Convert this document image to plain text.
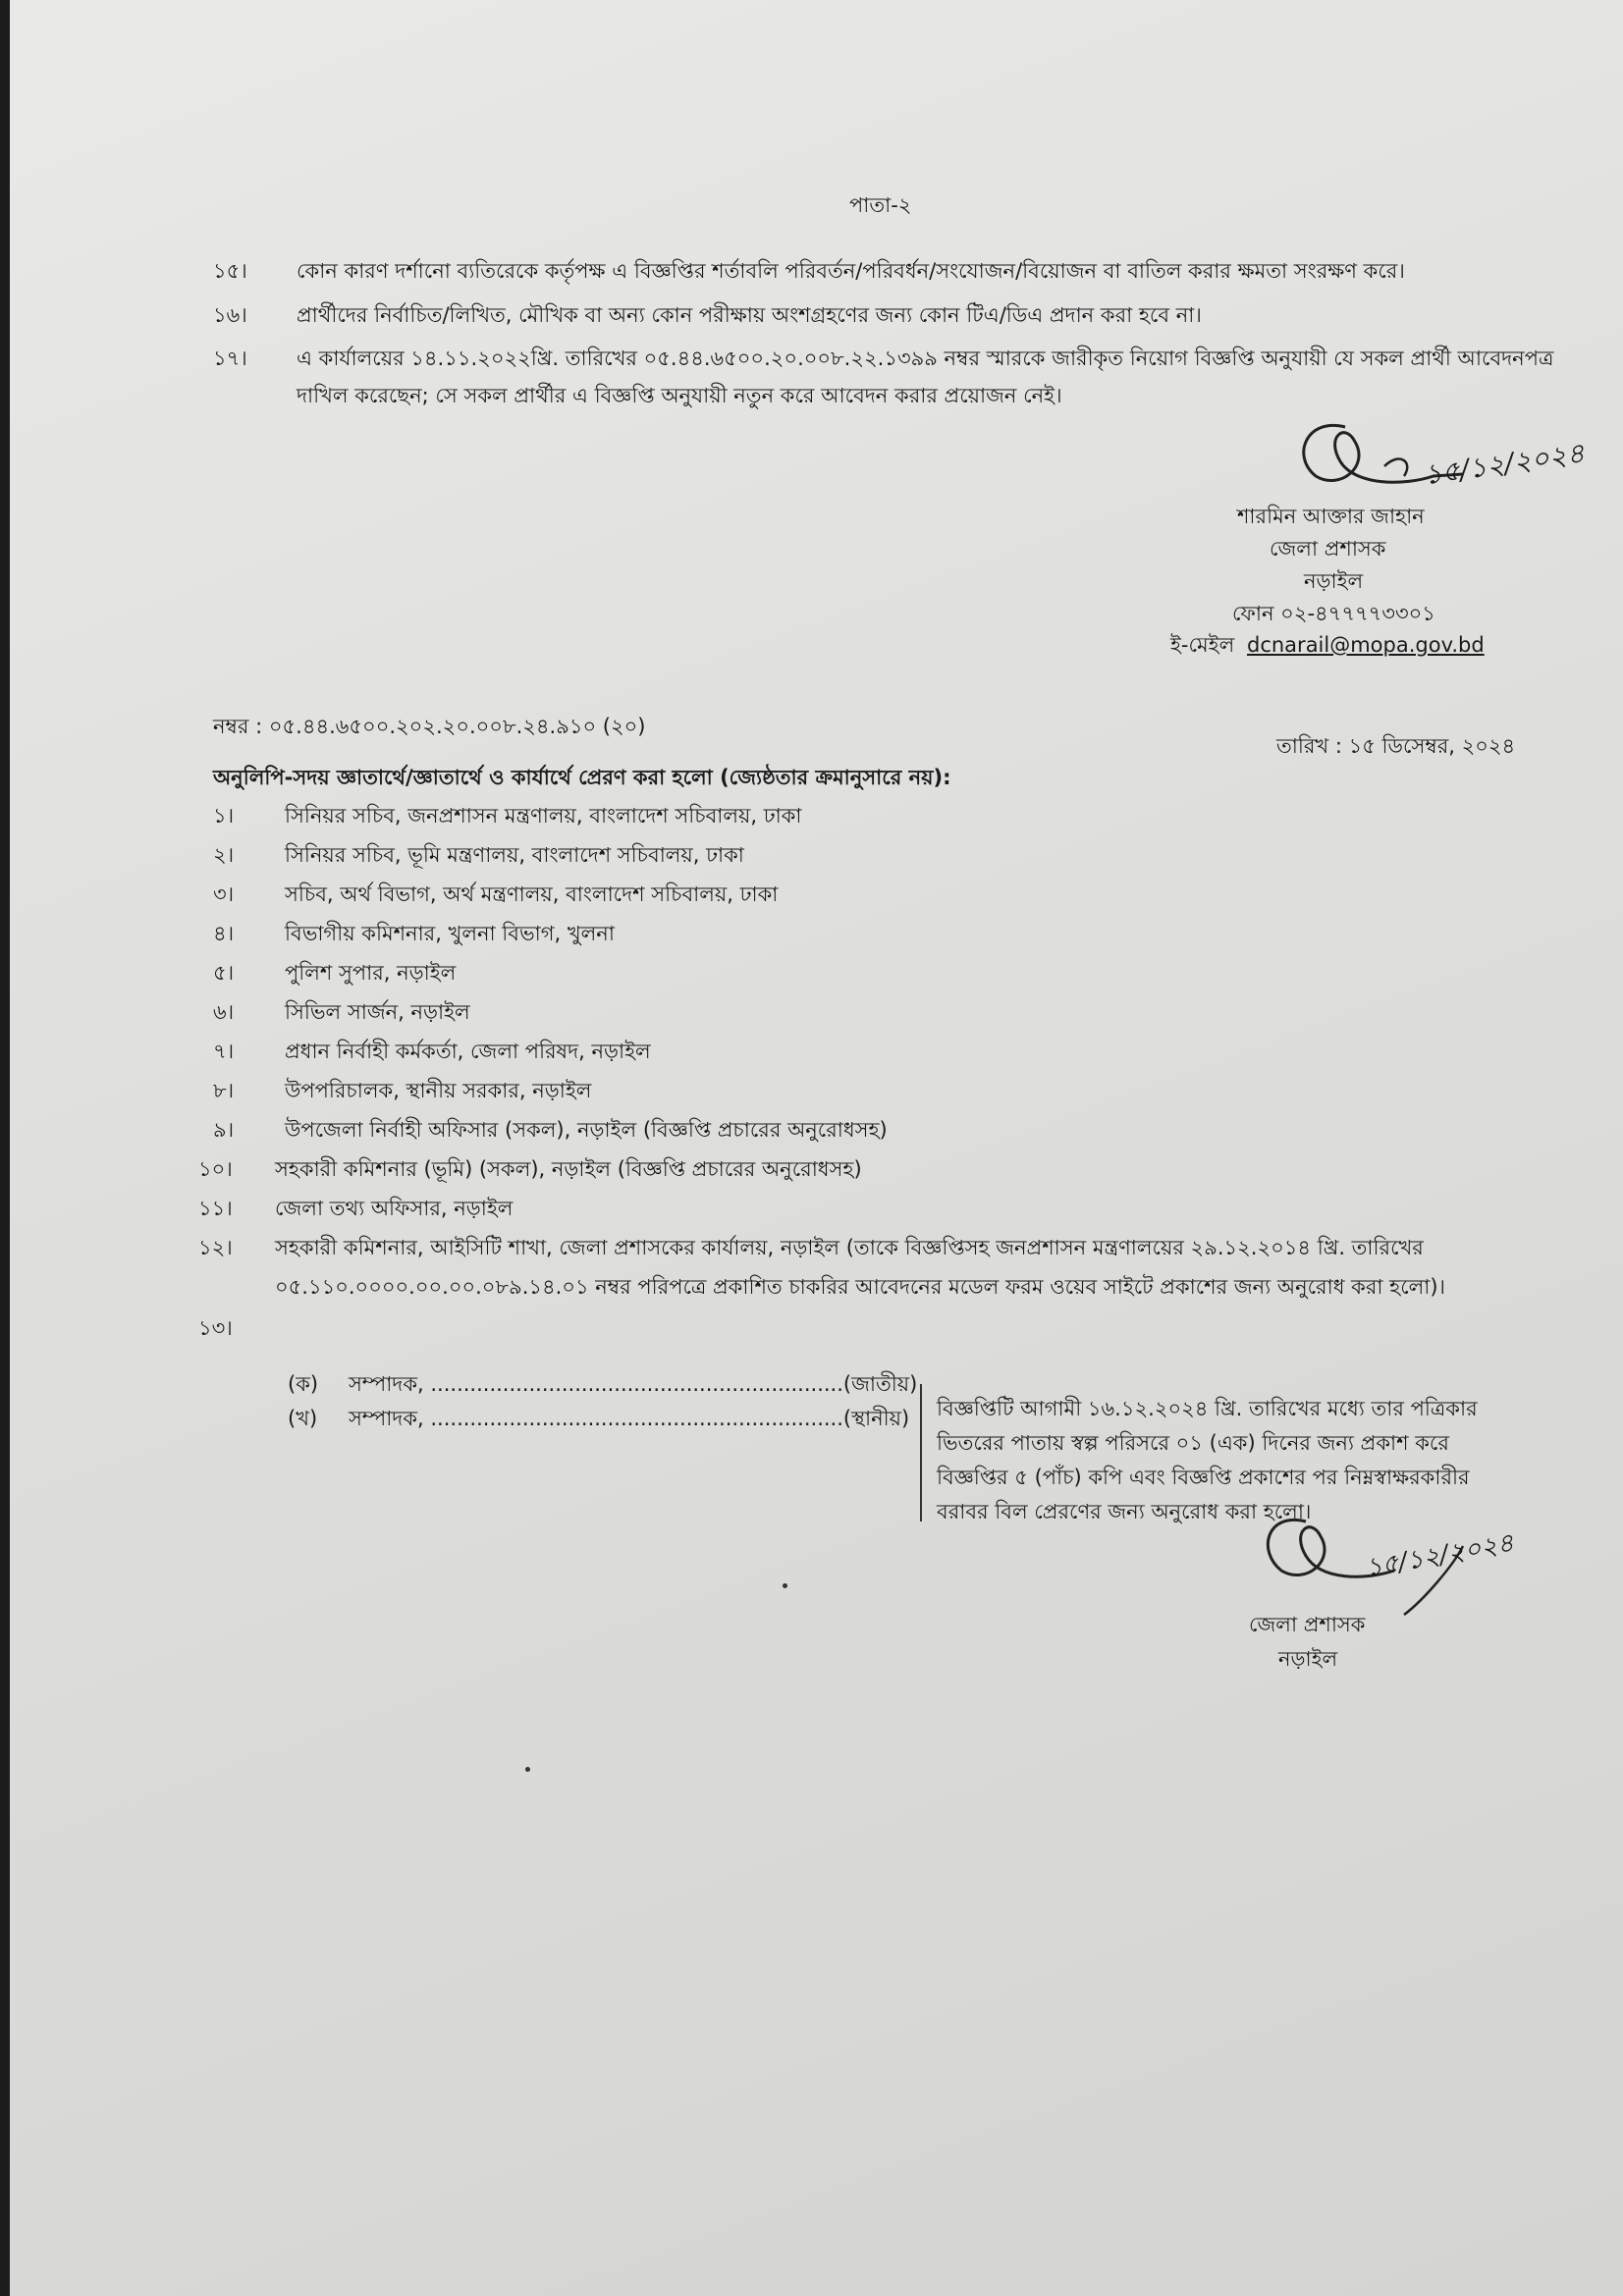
পাতা-২
১৫। কোন কারণ দর্শানো ব্যতিরেকে কর্তৃপক্ষ এ বিজ্ঞপ্তির শর্তাবলি পরিবর্তন/পরিবর্ধন/সংযোজন/বিয়োজন বা বাতিল করার ক্ষমতা সংরক্ষণ করে।
১৬। প্রার্থীদের নির্বাচিত/লিখিত, মৌখিক বা অন্য কোন পরীক্ষায় অংশগ্রহণের জন্য কোন টিএ/ডিএ প্রদান করা হবে না।
১৭। এ কার্যালয়ের ১৪.১১.২০২২খ্রি. তারিখের ০৫.৪৪.৬৫০০.২০.০০৮.২২.১৩৯৯ নম্বর স্মারকে জারীকৃত নিয়োগ বিজ্ঞপ্তি অনুযায়ী যে সকল প্রার্থী আবেদনপত্র
দাখিল করেছেন; সে সকল প্রার্থীর এ বিজ্ঞপ্তি অনুযায়ী নতুন করে আবেদন করার প্রয়োজন নেই।
১৫/১২/২০২৪
শারমিন আক্তার জাহান
জেলা প্রশাসক
নড়াইল
ফোন ০২-৪৭৭৭৭৩৩০১
ই-মেইল dcnarail@mopa.gov.bd
নম্বর : ০৫.৪৪.৬৫০০.২০২.২০.০০৮.২৪.৯১০ (২০)
তারিখ : ১৫ ডিসেম্বর, ২০২৪
অনুলিপি-সদয় জ্ঞাতার্থে/জ্ঞাতার্থে ও কার্যার্থে প্রেরণ করা হলো (জ্যেষ্ঠতার ক্রমানুসারে নয়):
১। সিনিয়র সচিব, জনপ্রশাসন মন্ত্রণালয়, বাংলাদেশ সচিবালয়, ঢাকা
২। সিনিয়র সচিব, ভূমি মন্ত্রণালয়, বাংলাদেশ সচিবালয়, ঢাকা
৩। সচিব, অর্থ বিভাগ, অর্থ মন্ত্রণালয়, বাংলাদেশ সচিবালয়, ঢাকা
৪। বিভাগীয় কমিশনার, খুলনা বিভাগ, খুলনা
৫। পুলিশ সুপার, নড়াইল
৬। সিভিল সার্জন, নড়াইল
৭। প্রধান নির্বাহী কর্মকর্তা, জেলা পরিষদ, নড়াইল
৮। উপপরিচালক, স্থানীয় সরকার, নড়াইল
৯। উপজেলা নির্বাহী অফিসার (সকল), নড়াইল (বিজ্ঞপ্তি প্রচারের অনুরোধসহ)
১০। সহকারী কমিশনার (ভূমি) (সকল), নড়াইল (বিজ্ঞপ্তি প্রচারের অনুরোধসহ)
১১। জেলা তথ্য অফিসার, নড়াইল
১২। সহকারী কমিশনার, আইসিটি শাখা, জেলা প্রশাসকের কার্যালয়, নড়াইল (তাকে বিজ্ঞপ্তিসহ জনপ্রশাসন মন্ত্রণালয়ের ২৯.১২.২০১৪ খ্রি. তারিখের
০৫.১১০.০০০০.০০.০০.০৮৯.১৪.০১ নম্বর পরিপত্রে প্রকাশিত চাকরির আবেদনের মডেল ফরম ওয়েব সাইটে প্রকাশের জন্য অনুরোধ করা হলো)।
১৩।
(ক) সম্পাদক, ...............................................................(জাতীয়)
(খ) সম্পাদক, ...............................................................(স্থানীয়) বিজ্ঞপ্তিটি আগামী ১৬.১২.২০২৪ খ্রি. তারিখের মধ্যে তার পত্রিকার
ভিতরের পাতায় স্বল্প পরিসরে ০১ (এক) দিনের জন্য প্রকাশ করে
বিজ্ঞপ্তির ৫ (পাঁচ) কপি এবং বিজ্ঞপ্তি প্রকাশের পর নিম্নস্বাক্ষরকারীর
বরাবর বিল প্রেরণের জন্য অনুরোধ করা হলো।
১৫/১২/২০২৪
জেলা প্রশাসক
নড়াইল
